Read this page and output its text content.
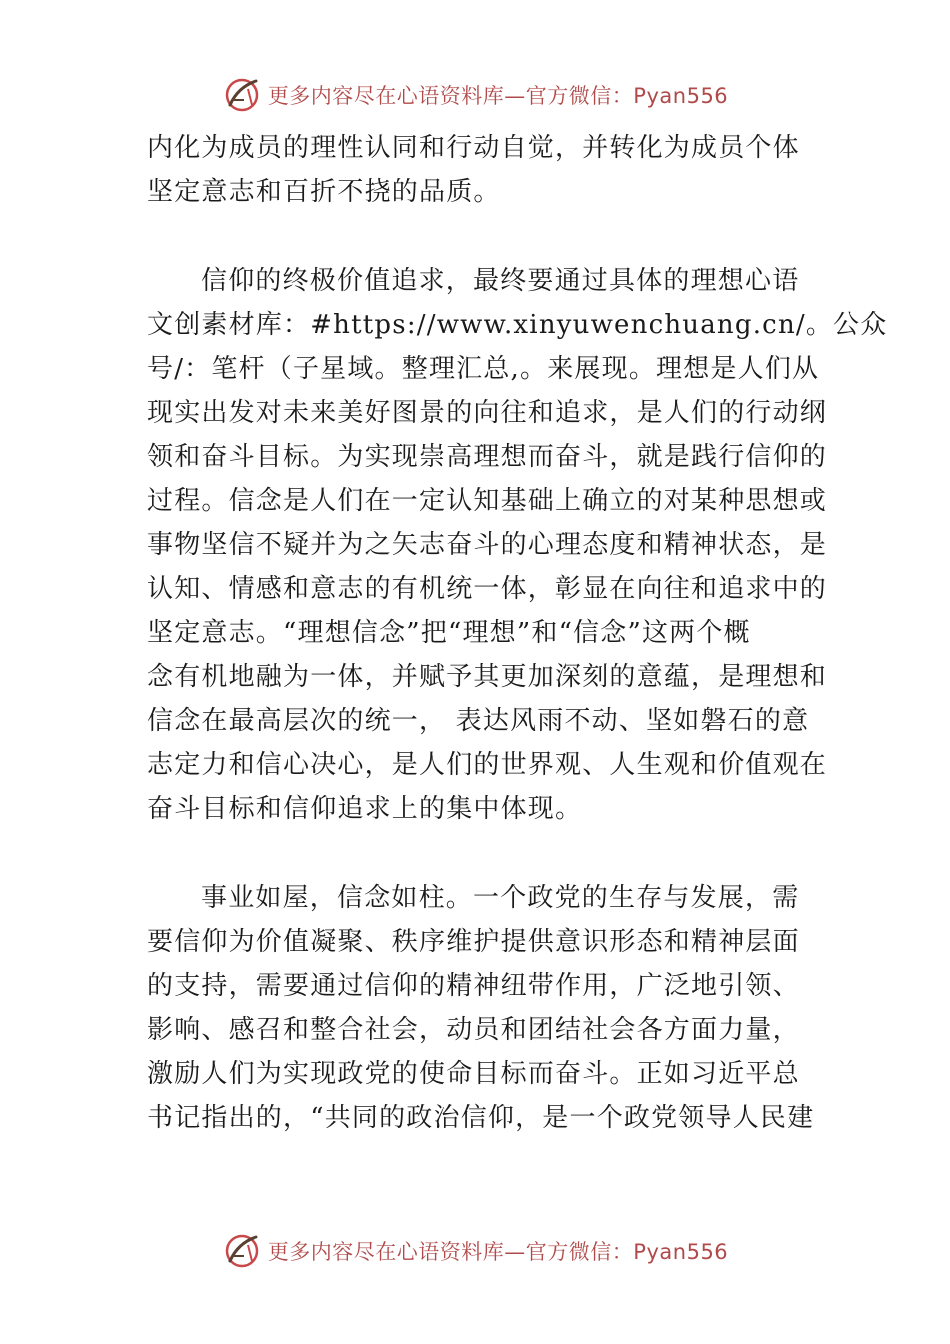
更多内容尽在心语资料库—官方微信：Pyan556
内化为成员的理性认同和行动自觉，并转化为成员个体
坚定意志和百折不挠的品质。
信仰的终极价值追求，最终要通过具体的理想心语
文创素材库：#https://www.xinyuwenchuang.cn/。公众
号/：笔杆（子星域。整理汇总,。来展现。理想是人们从
现实出发对未来美好图景的向往和追求，是人们的行动纲
领和奋斗目标。为实现崇高理想而奋斗，就是践行信仰的
过程。信念是人们在一定认知基础上确立的对某种思想或
事物坚信不疑并为之矢志奋斗的心理态度和精神状态，是
认知、情感和意志的有机统一体，彰显在向往和追求中的
坚定意志。“理想信念”把“理想”和“信念”这两个概
念有机地融为一体，并赋予其更加深刻的意蕴，是理想和
信念在最高层次的统一， 表达风雨不动、坚如磐石的意
志定力和信心决心，是人们的世界观、人生观和价值观在
奋斗目标和信仰追求上的集中体现。
事业如屋，信念如柱。一个政党的生存与发展，需
要信仰为价值凝聚、秩序维护提供意识形态和精神层面
的支持，需要通过信仰的精神纽带作用，广泛地引领、
影响、感召和整合社会，动员和团结社会各方面力量，
激励人们为实现政党的使命目标而奋斗。正如习近平总
书记指出的，“共同的政治信仰，是一个政党领导人民建
更多内容尽在心语资料库—官方微信：Pyan556
